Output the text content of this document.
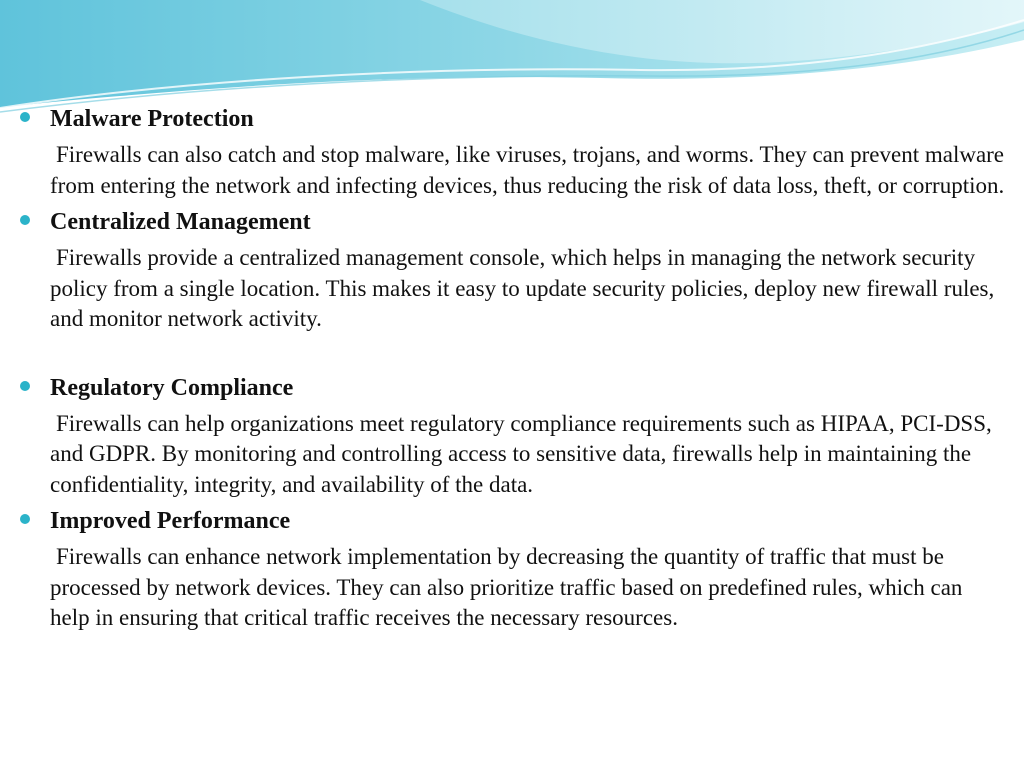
Malware Protection
Firewalls can also catch and stop malware, like viruses, trojans, and worms. They can prevent malware from entering the network and infecting devices, thus reducing the risk of data loss, theft, or corruption.
Centralized Management
Firewalls provide a centralized management console, which helps in managing the network security policy from a single location. This makes it easy to update security policies, deploy new firewall rules, and monitor network activity.
Regulatory Compliance
Firewalls can help organizations meet regulatory compliance requirements such as HIPAA, PCI-DSS, and GDPR. By monitoring and controlling access to sensitive data, firewalls help in maintaining the confidentiality, integrity, and availability of the data.
Improved Performance
Firewalls can enhance network implementation by decreasing the quantity of traffic that must be processed by network devices. They can also prioritize traffic based on predefined rules, which can help in ensuring that critical traffic receives the necessary resources.
